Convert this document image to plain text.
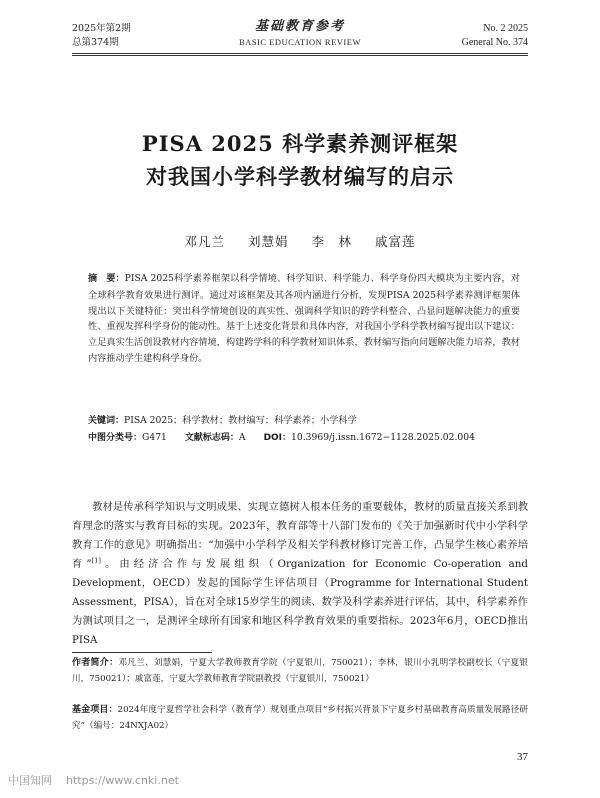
2025年第2期
总第374期
基础教育参考
BASIC EDUCATION REVIEW
No. 2 2025
General No. 374
PISA 2025 科学素养测评框架
对我国小学科学教材编写的启示
邓凡兰 刘慧娟 李　林 戚富莲
摘　要：PISA 2025科学素养框架以科学情境、科学知识、科学能力、科学身份四大模块为主要内容，对全球科学教育效果进行测评。通过对该框架及其各项内涵进行分析，发现PISA 2025科学素养测评框架体现出以下关键特征：突出科学情境创设的真实性、强调科学知识的跨学科整合、凸显问题解决能力的重要性、重视发挥科学身份的能动性。基于上述变化背景和具体内容，对我国小学科学教材编写提出以下建议：立足真实生活创设教材内容情境，构建跨学科的科学教材知识体系，教材编写指向问题解决能力培养，教材内容推动学生建构科学身份。
关键词：PISA 2025；科学教材；教材编写；科学素养；小学科学
中图分类号：G471 文献标志码：A DOI：10.3969/j.issn.1672−1128.2025.02.004
教材是传承科学知识与文明成果、实现立德树人根本任务的重要载体，教材的质量直接关系到教育理念的落实与教育目标的实现。2023年，教育部等十八部门发布的《关于加强新时代中小学科学教育工作的意见》明确指出：“加强中小学科学及相关学科教材修订完善工作，凸显学生核心素养培育”[1]。由经济合作与发展组织（Organization for Economic Co-operation and Development，OECD）发起的国际学生评估项目（Programme for International Student Assessment，PISA），旨在对全球15岁学生的阅读、数学及科学素养进行评估，其中，科学素养作为测试项目之一，是测评全球所有国家和地区科学教育效果的重要指标。2023年6月，OECD推出PISA
作者简介：邓凡兰、刘慧娟，宁夏大学教师教育学院（宁夏银川，750021）；李林，银川小乳明学校副校长（宁夏银川，750021）；戚富莲，宁夏大学教师教育学院副教授（宁夏银川，750021）
基金项目：2024年度宁夏哲学社会科学（教育学）规划重点项目“乡村振兴背景下宁夏乡村基础教育高质量发展路径研究”（编号：24NXJA02）
37
中国知网 https://www.cnki.net
